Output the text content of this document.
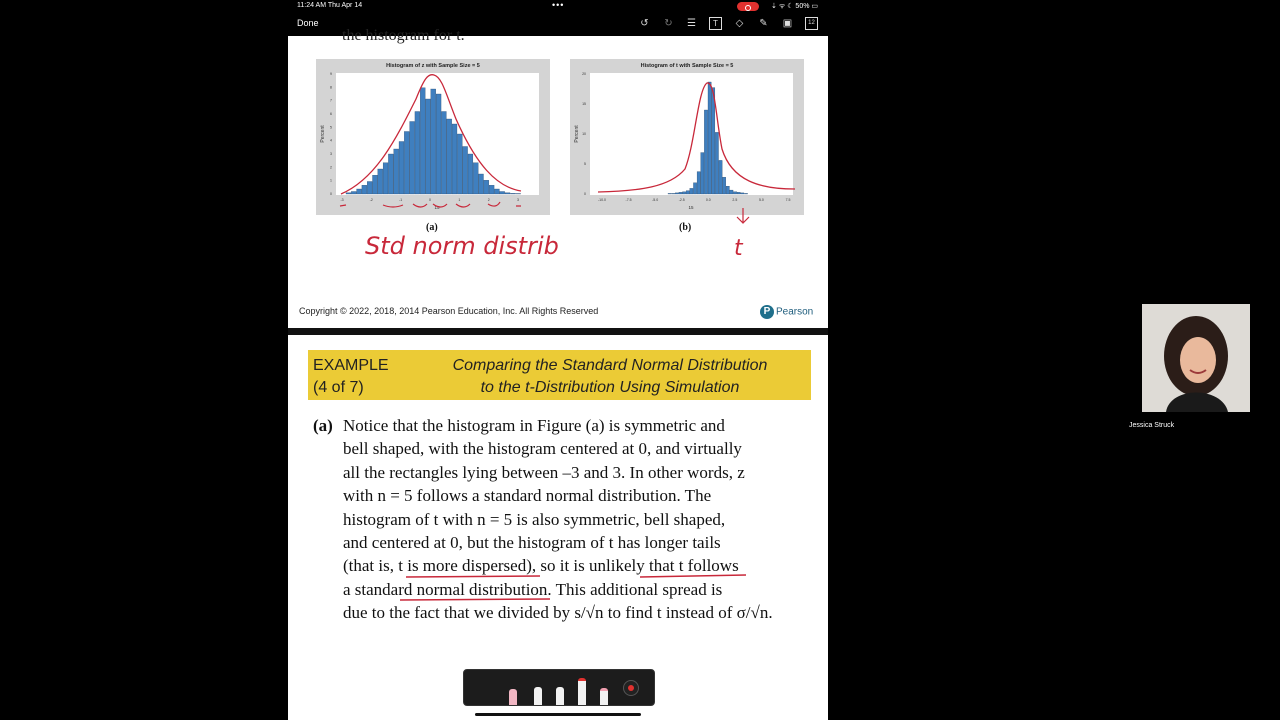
11:24 AM Thu Apr 14	•••	⇣ ᯤ ☾ 50% ▭
Done	↺ ↻ ☰	T	◇ ✎ ▣	12
the histogram for t.
Histogram of z with Sample Size = 5
Percent
15
-3	-2	-1	0	1	2	3
9
8
7
6
5
4
3
2
1
0
(a)
Histogram of t with Sample Size = 5
Percent
15
-10.0	-7.5	-5.0	-2.5	0.0	2.5	5.0	7.5
20
15
10
5
0
(b)
Std norm distrib	t
Copyright © 2022, 2018, 2014 Pearson Education, Inc. All Rights Reserved	P Pearson
EXAMPLE
(4 of 7)
Comparing the Standard Normal Distribution
to the t-Distribution Using Simulation
(a) Notice that the histogram in Figure (a) is symmetric and
bell shaped, with the histogram centered at 0, and virtually
all the rectangles lying between –3 and 3. In other words, z
with n = 5 follows a standard normal distribution. The
histogram of t with n = 5 is also symmetric, bell shaped,
and centered at 0, but the histogram of t has longer tails
(that is, t is more dispersed), so it is unlikely that t follows
a standard normal distribution. This additional spread is
due to the fact that we divided by s/√n to find t instead of σ/√n.
Jessica Struck
